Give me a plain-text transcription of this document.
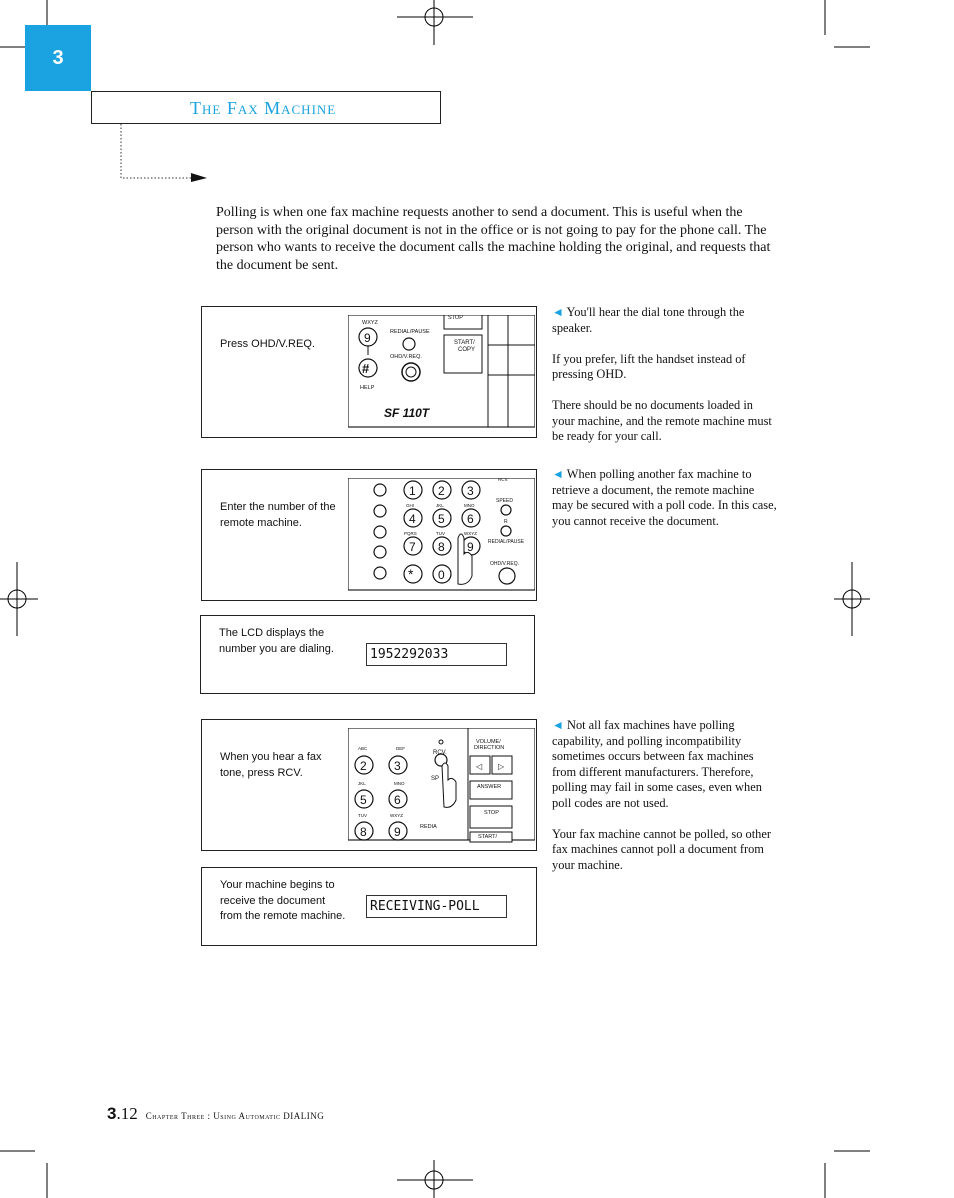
3
The Fax Machine
Polling is when one fax machine requests another to send a document. This is useful when the person with the original document is not in the office or is not going to pay for the phone call. The person who wants to receive the document calls the machine holding the original, and requests that the document be sent.
Press OHD/V.REQ.
WXYZ
9
#
HELP
REDIAL/PAUSE
OHD/V.REQ.
STOP
START/
COPY
SF 110T
Enter the number of the
remote machine.
1 2 3
4 5 6
7 8 9
* 0
GHI	JKL	MNO
PQRS	TUV	WXYZ
RCV.
SPEED
R
REDIAL/PAUSE
OHD/V.REQ.
The LCD displays the
number you are dialing.	1952292033
When you hear a fax
tone, press RCV.
ABC	DEF
JKL	MNO
TUV	WXYZ
2 3
5 6
8 9
RCV.
SP
REDIA
VOLUME/
DIRECTION
◁ ▷
ANSWER
STOP
START/
Your machine begins to
receive the document
from the remote machine.
RECEIVING-POLL
◄ You'll hear the dial tone through the speaker.
If you prefer, lift the handset instead of pressing OHD.
There should be no documents loaded in your machine, and the remote machine must be ready for your call.
◄ When polling another fax machine to retrieve a document, the remote machine may be secured with a poll code. In this case, you cannot receive the document.
◄ Not all fax machines have polling capability, and polling incompatibility sometimes occurs between fax machines from different manufacturers. Therefore, polling may fail in some cases, even when poll codes are not used.
Your fax machine cannot be polled, so other fax machines cannot poll a document from your machine.
3.12 Chapter Three : Using Automatic DIALING
